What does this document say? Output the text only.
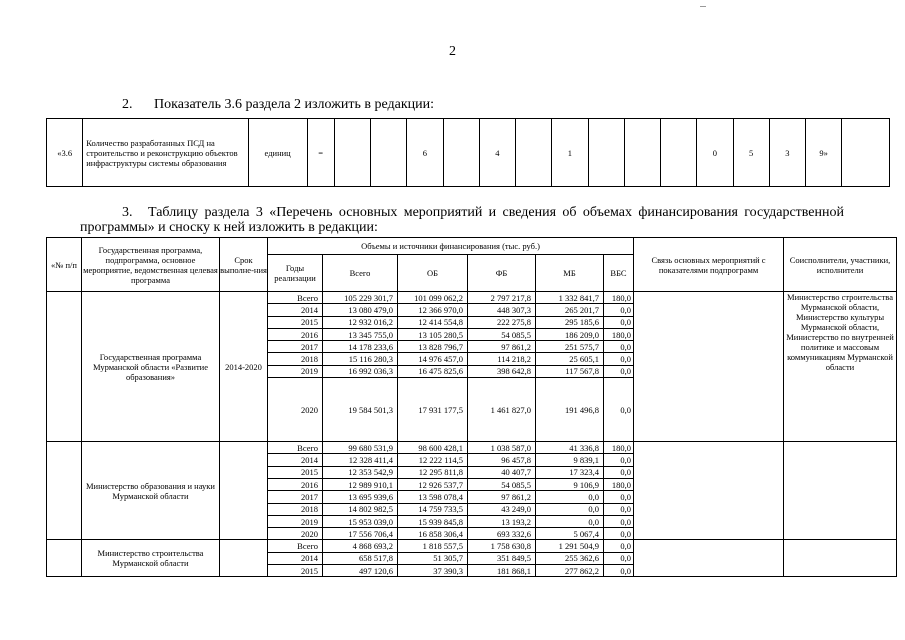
2
2. Показатель 3.6 раздела 2 изложить в редакции:
«3.6	Количество разработанных ПСД на строительство и реконструкцию объектов инфраструктуры системы образования	единиц	=			6		4		1				0	5	3	9»	
3. Таблицу раздела 3 «Перечень основных мероприятий и сведения об объемах финансирования государственной программы» и сноску к ней изложить в редакции:
«№ п/п	Государственная программа, подпрограмма, основное мероприятие, ведомственная целевая программа	Срок выполне-ния	Объемы и источники финансирования (тыс. руб.)						Связь основных мероприятий с показателями подпрограмм	Соисполнители, участники, исполнители
			Годы реализации	Всего	ОБ	ФБ	МБ	ВБС		
	Государственная программа Мурманской области «Развитие образования»	2014-2020	Всего	105 229 301,7	101 099 062,2	2 797 217,8	1 332 841,7	180,0		Министерство строительства Мурманской области, Министерство культуры Мурманской области, Министерство по внутренней политике и массовым коммуникациям Мурманской области
			2014	13 080 479,0	12 366 970,0	448 307,3	265 201,7	0,0		
			2015	12 932 016,2	12 414 554,8	222 275,8	295 185,6	0,0		
			2016	13 345 755,0	13 105 280,5	54 085,5	186 209,0	180,0		
			2017	14 178 233,6	13 828 796,7	97 861,2	251 575,7	0,0		
			2018	15 116 280,3	14 976 457,0	114 218,2	25 605,1	0,0		
			2019	16 992 036,3	16 475 825,6	398 642,8	117 567,8	0,0		
			2020	19 584 501,3	17 931 177,5	1 461 827,0	191 496,8	0,0		
	Министерство образования и науки Мурманской области		Всего	99 680 531,9	98 600 428,1	1 038 587,0	41 336,8	180,0		
			2014	12 328 411,4	12 222 114,5	96 457,8	9 839,1	0,0		
			2015	12 353 542,9	12 295 811,8	40 407,7	17 323,4	0,0		
			2016	12 989 910,1	12 926 537,7	54 085,5	9 106,9	180,0		
			2017	13 695 939,6	13 598 078,4	97 861,2	0,0	0,0		
			2018	14 802 982,5	14 759 733,5	43 249,0	0,0	0,0		
			2019	15 953 039,0	15 939 845,8	13 193,2	0,0	0,0		
			2020	17 556 706,4	16 858 306,4	693 332,6	5 067,4	0,0		
	Министерство строительства Мурманской области		Всего	4 868 693,2	1 818 557,5	1 758 630,8	1 291 504,9	0,0		
			2014	658 517,8	51 305,7	351 849,5	255 362,6	0,0		
			2015	497 120,6	37 390,3	181 868,1	277 862,2	0,0		
